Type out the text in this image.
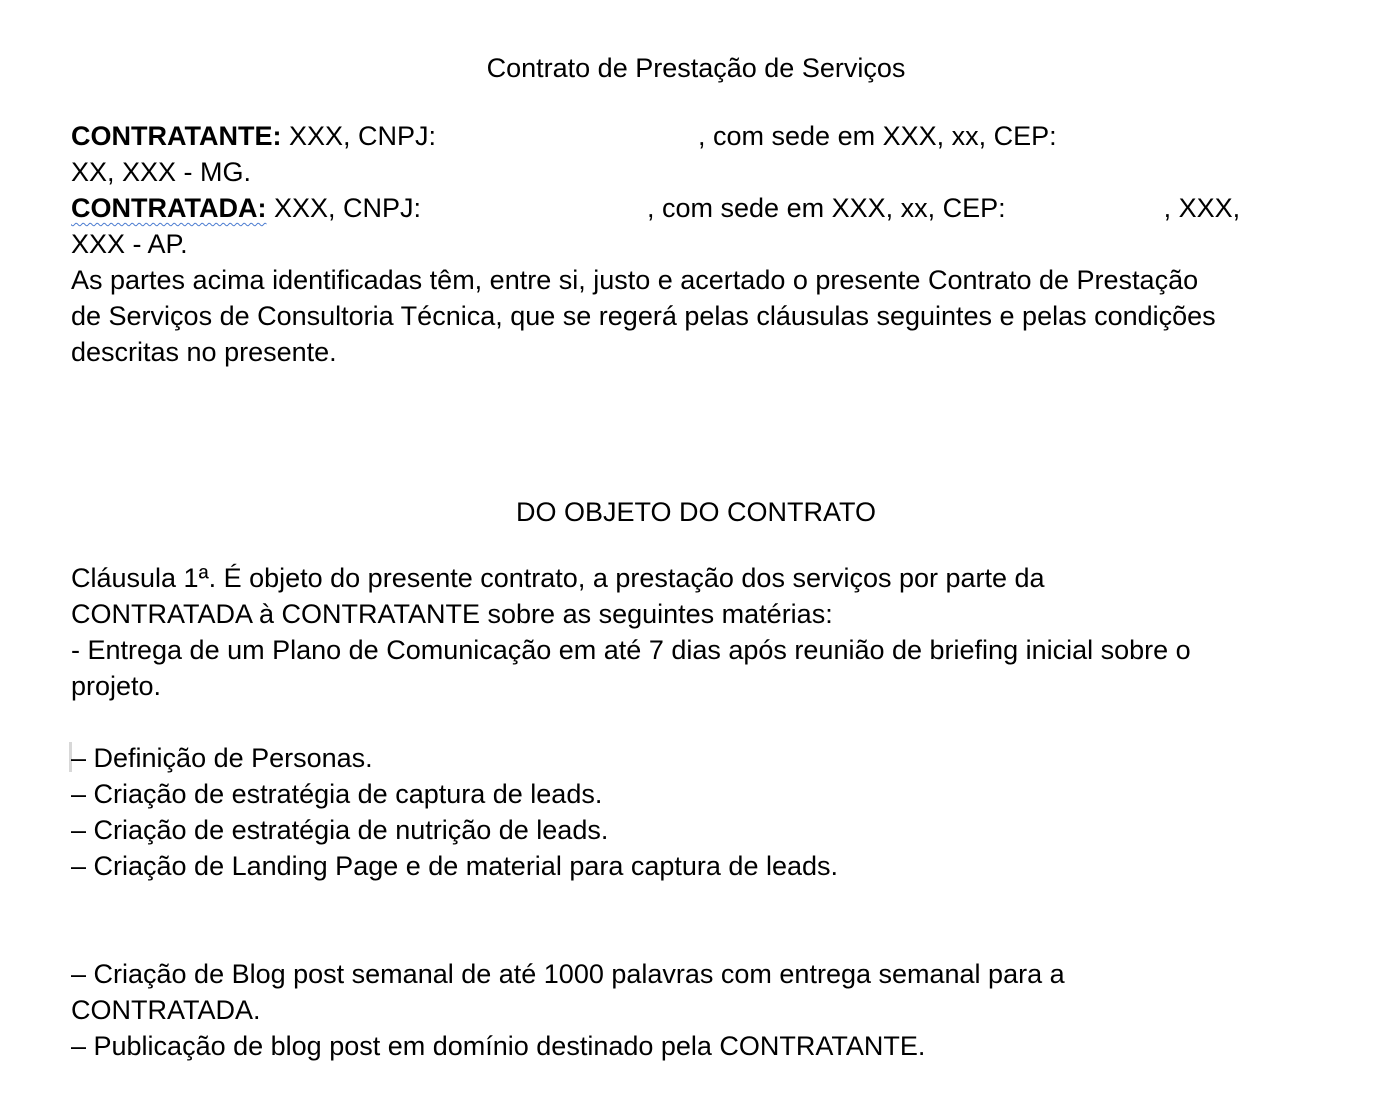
Contrato de Prestação de Serviços
CONTRATANTE: XXX, CNPJ:	, com sede em XXX, xx, CEP:
XX, XXX - MG.
CONTRATADA: XXX, CNPJ:	, com sede em XXX, xx, CEP:	, XXX,
XXX - AP.
As partes acima identificadas têm, entre si, justo e acertado o presente Contrato de Prestação
de Serviços de Consultoria Técnica, que se regerá pelas cláusulas seguintes e pelas condições
descritas no presente.
DO OBJETO DO CONTRATO
Cláusula 1ª. É objeto do presente contrato, a prestação dos serviços por parte da
CONTRATADA à CONTRATANTE sobre as seguintes matérias:
- Entrega de um Plano de Comunicação em até 7 dias após reunião de briefing inicial sobre o
projeto.
– Definição de Personas.
– Criação de estratégia de captura de leads.
– Criação de estratégia de nutrição de leads.
– Criação de Landing Page e de material para captura de leads.
– Criação de Blog post semanal de até 1000 palavras com entrega semanal para a
CONTRATADA.
– Publicação de blog post em domínio destinado pela CONTRATANTE.
